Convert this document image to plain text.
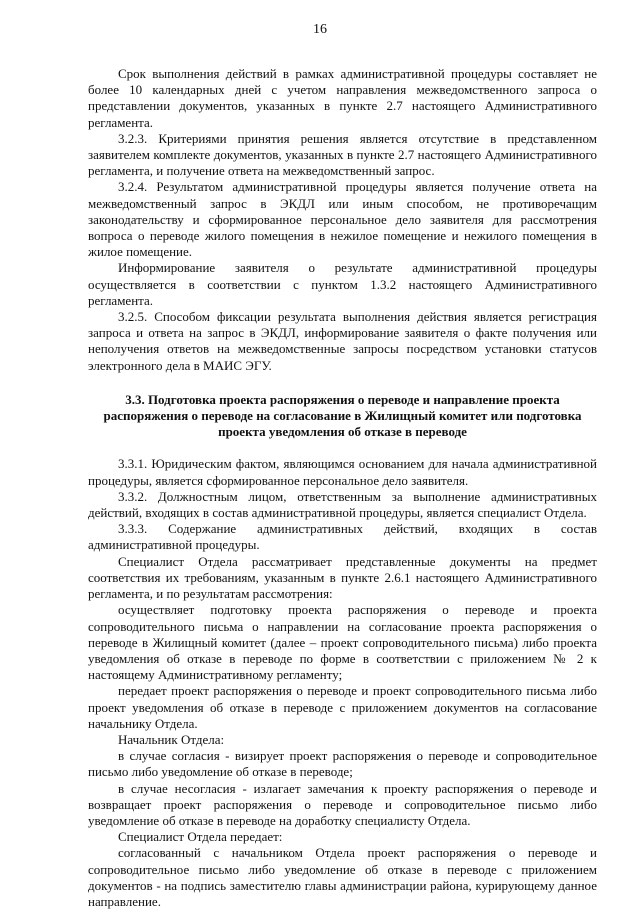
16

Срок выполнения действий в рамках административной процедуры составляет не более 10 календарных дней с учетом направления межведомственного запроса о представлении документов, указанных в пункте 2.7 настоящего Административного регламента.

3.2.3. Критериями принятия решения является отсутствие в представленном заявителем комплекте документов, указанных в пункте 2.7 настоящего Административного регламента, и получение ответа на межведомственный запрос.

3.2.4. Результатом административной процедуры является получение ответа на межведомственный запрос в ЭКДЛ или иным способом, не противоречащим законодательству и сформированное персональное дело заявителя для рассмотрения вопроса о переводе жилого помещения в нежилое помещение и нежилого помещения в жилое помещение.

Информирование заявителя о результате административной процедуры осуществляется в соответствии с пунктом 1.3.2 настоящего Административного регламента.

3.2.5. Способом фиксации результата выполнения действия является регистрация запроса и ответа на запрос в ЭКДЛ, информирование заявителя о факте получения или неполучения ответов на межведомственные запросы посредством установки статусов электронного дела в МАИС ЭГУ.

3.3. Подготовка проекта распоряжения о переводе и направление проекта распоряжения о переводе на согласование в Жилищный комитет или подготовка проекта уведомления об отказе в переводе

3.3.1. Юридическим фактом, являющимся основанием для начала административной процедуры, является сформированное персональное дело заявителя.

3.3.2. Должностным лицом, ответственным за выполнение административных действий, входящих в состав административной процедуры, является специалист Отдела.

3.3.3. Содержание административных действий, входящих в состав административной процедуры.

Специалист Отдела рассматривает представленные документы на предмет соответствия их требованиям, указанным в пункте 2.6.1 настоящего Административного регламента, и по результатам рассмотрения:

осуществляет подготовку проекта распоряжения о переводе и проекта сопроводительного письма о направлении на согласование проекта распоряжения о переводе в Жилищный комитет (далее – проект сопроводительного письма) либо проекта уведомления об отказе в переводе по форме в соответствии с приложением № 2 к настоящему Административному регламенту;

передает проект распоряжения о переводе и проект сопроводительного письма либо проект уведомления об отказе в переводе с приложением документов на согласование начальнику Отдела.

Начальник Отдела:

в случае согласия - визирует проект распоряжения о переводе и сопроводительное письмо либо уведомление об отказе в переводе;

в случае несогласия - излагает замечания к проекту распоряжения о переводе и возвращает проект распоряжения о переводе и сопроводительное письмо либо уведомление об отказе в переводе на доработку специалисту Отдела.

Специалист Отдела передает:

согласованный с начальником Отдела проект распоряжения о переводе и сопроводительное письмо либо уведомление об отказе в переводе с приложением документов - на подпись заместителю главы администрации района, курирующему данное направление.
